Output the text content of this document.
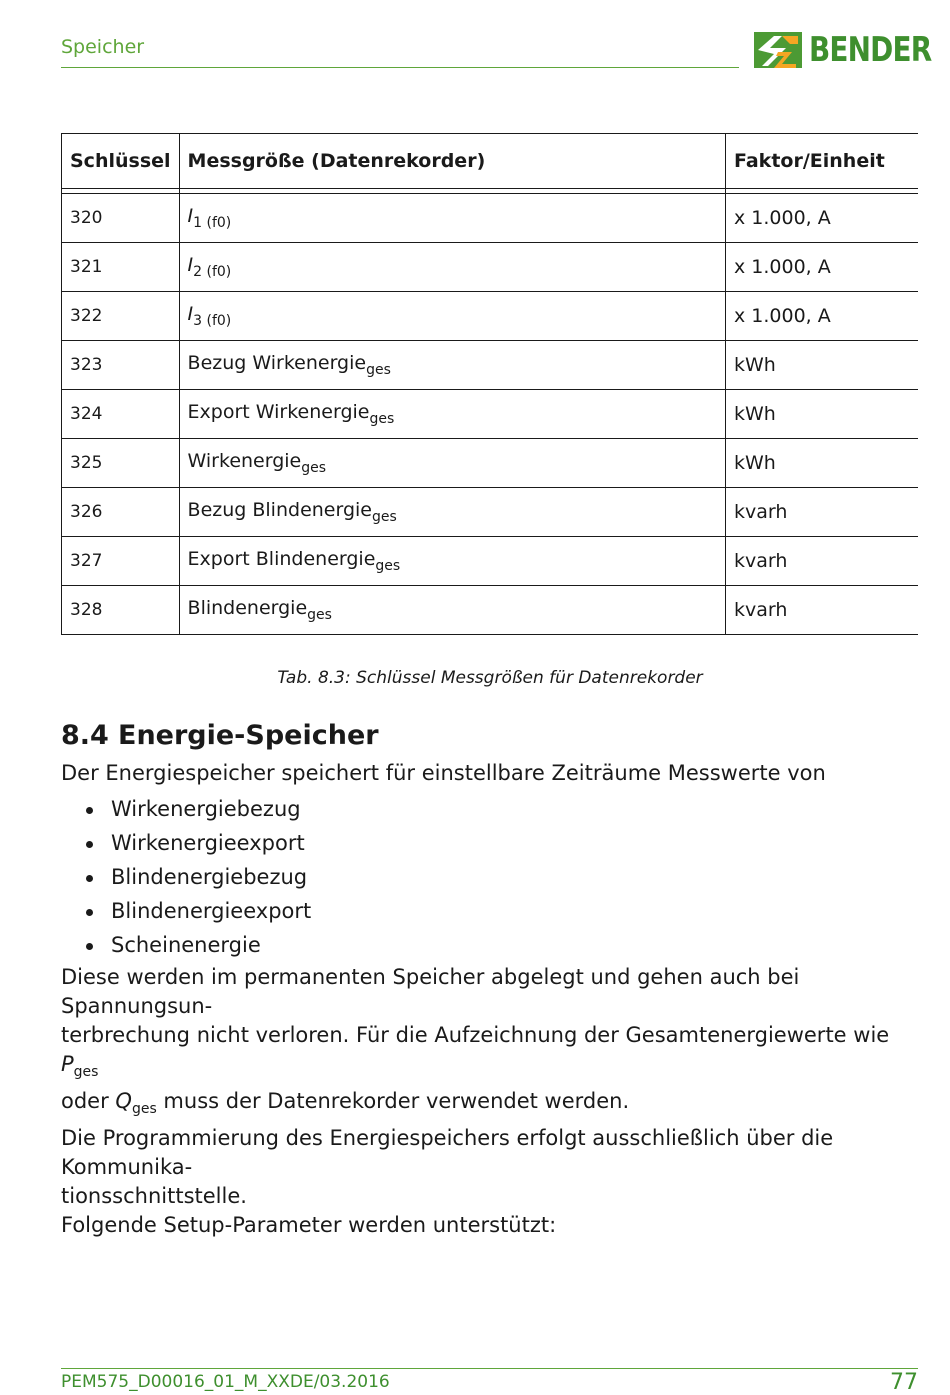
Speicher	BENDER
Schlüssel	Messgröße (Datenrekorder)	Faktor/Einheit

320	$I_{1 (f0)}$	x 1.000, A
321	$I_{2 (f0)}$	x 1.000, A
322	$I_{3 (f0)}$	x 1.000, A
323	Bezug Wirkenergie$_{ges}$	kWh
324	Export Wirkenergie$_{ges}$	kWh
325	Wirkenergie$_{ges}$	kWh
326	Bezug Blindenergie$_{ges}$	kvarh
327	Export Blindenergie$_{ges}$	kvarh
328	Blindenergie$_{ges}$	kvarh
Tab. 8.3: Schlüssel Messgrößen für Datenrekorder
8.4 Energie-Speicher
Der Energiespeicher speichert für einstellbare Zeiträume Messwerte von
Wirkenergiebezug
Wirkenergieexport
Blindenergiebezug
Blindenergieexport
Scheinenergie

Diese werden im permanenten Speicher abgelegt und gehen auch bei Spannungsun-

terbrechung nicht verloren. Für die Aufzeichnung der Gesamtenergiewerte wie $P_{ges}$

oder $Q_{ges}$ muss der Datenrekorder verwendet werden.

Die Programmierung des Energiespeichers erfolgt ausschließlich über die Kommunika-

tionsschnittstelle.

Folgende Setup-Parameter werden unterstützt:

PEM575_D00016_01_M_XXDE/03.2016	77
